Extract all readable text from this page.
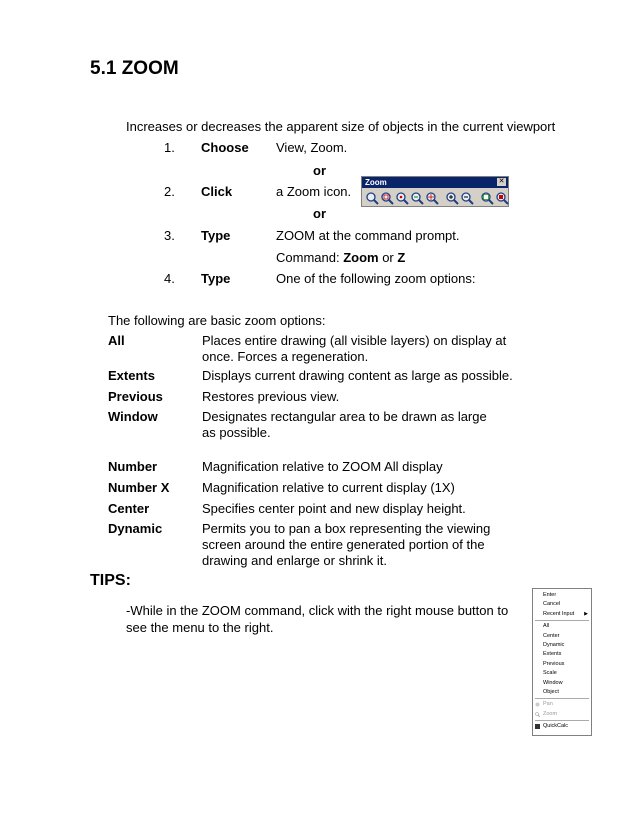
5.1 ZOOM
Increases or decreases the apparent size of objects in the current viewport
1. Choose View, Zoom.
or
2. Click	a Zoom icon.
or
3. Type	ZOOM at the command prompt.
Command: Zoom or Z
4. Type	One of the following zoom options:
Zoom	✕
The following are basic zoom options:
All	Places entire drawing (all visible layers) on display at once. Forces a regeneration.
Extents	Displays current drawing content as large as possible.
Previous	Restores previous view.
Window	Designates rectangular area to be drawn as large as possible.
Number	Magnification relative to ZOOM All display
Number X	Magnification relative to current display (1X)
Center	Specifies center point and new display height.
Dynamic	Permits you to pan a box representing the viewing screen around the entire generated portion of the drawing and enlarge or shrink it.
TIPS:
-While in the ZOOM command, click with the right mouse button to see the menu to the right.
Enter
Cancel
Recent Input ▶
All
Center
Dynamic
Extents
Previous
Scale
Window
Object
Pan
Zoom
QuickCalc
